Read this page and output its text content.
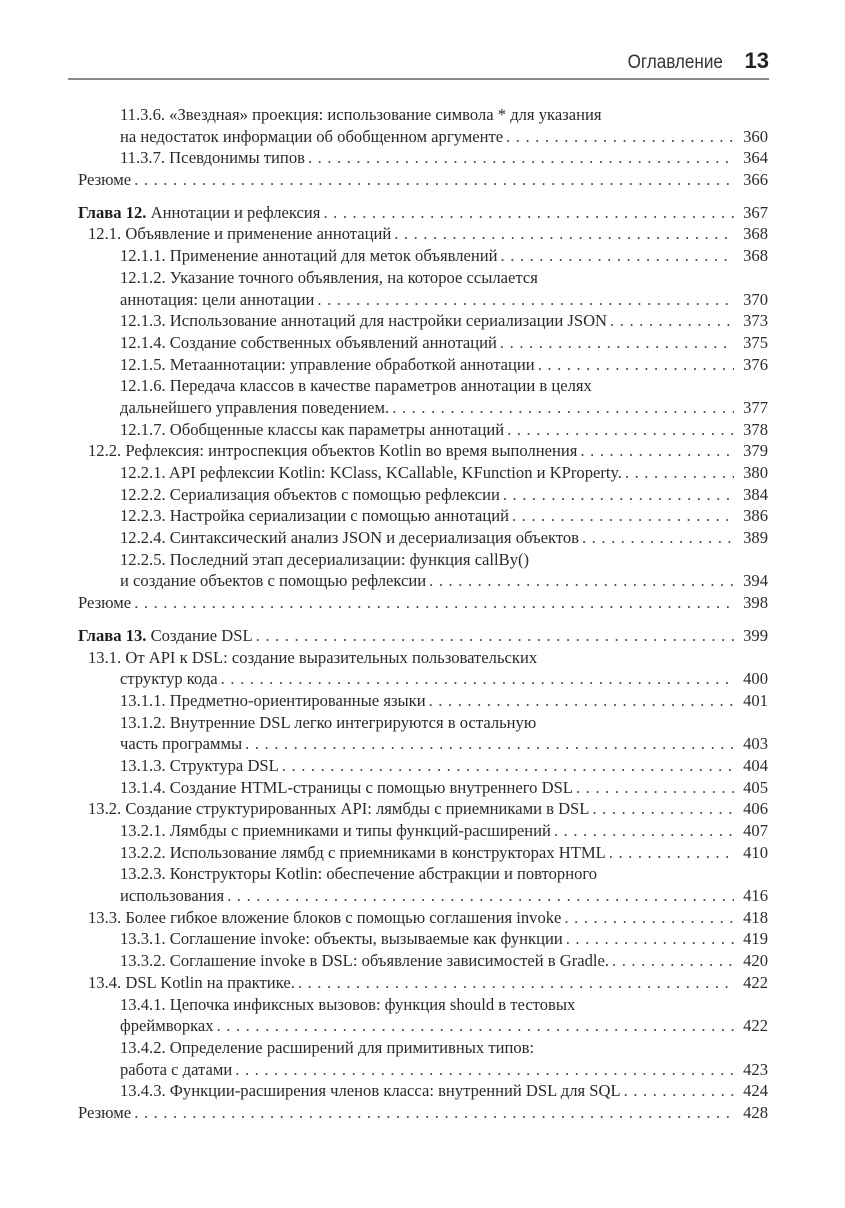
Оглавление 13
11.3.6. «Звездная» проекция: использование символа * для указания
на недостаток информации об обобщенном аргументе . . .	360
11.3.7. Псевдонимы типов . . .	364
Резюме . . .	366
Глава 12. Аннотации и рефлексия . . .	367
12.1. Объявление и применение аннотаций . . .	368
12.1.1. Применение аннотаций для меток объявлений . . .	368
12.1.2. Указание точного объявления, на которое ссылается
аннотация: цели аннотации . . .	370
12.1.3. Использование аннотаций для настройки сериализации JSON . . .	373
12.1.4. Создание собственных объявлений аннотаций . . .	375
12.1.5. Метааннотации: управление обработкой аннотации . . .	376
12.1.6. Передача классов в качестве параметров аннотации в целях
дальнейшего управления поведением. . . .	377
12.1.7. Обобщенные классы как параметры аннотаций . . .	378
12.2. Рефлексия: интроспекция объектов Kotlin во время выполнения . . .	379
12.2.1. API рефлексии Kotlin: KClass, KCallable, KFunction и KProperty. . . .	380
12.2.2. Сериализация объектов с помощью рефлексии . . .	384
12.2.3. Настройка сериализации с помощью аннотаций . . .	386
12.2.4. Синтаксический анализ JSON и десериализация объектов . . .	389
12.2.5. Последний этап десериализации: функция callBy()
и создание объектов с помощью рефлексии . . .	394
Резюме . . .	398
Глава 13. Создание DSL . . .	399
13.1. От API к DSL: создание выразительных пользовательских
структур кода . . .	400
13.1.1. Предметно-ориентированные языки . . .	401
13.1.2. Внутренние DSL легко интегрируются в остальную
часть программы . . .	403
13.1.3. Структура DSL . . .	404
13.1.4. Создание HTML-страницы с помощью внутреннего DSL . . .	405
13.2. Создание структурированных API: лямбды с приемниками в DSL . . .	406
13.2.1. Лямбды с приемниками и типы функций-расширений . . .	407
13.2.2. Использование лямбд с приемниками в конструкторах HTML . . .	410
13.2.3. Конструкторы Kotlin: обеспечение абстракции и повторного
использования . . .	416
13.3. Более гибкое вложение блоков с помощью соглашения invoke . . .	418
13.3.1. Соглашение invoke: объекты, вызываемые как функции . . .	419
13.3.2. Соглашение invoke в DSL: объявление зависимостей в Gradle. . . .	420
13.4. DSL Kotlin на практике. . . .	422
13.4.1. Цепочка инфиксных вызовов: функция should в тестовых
фреймворках . . .	422
13.4.2. Определение расширений для примитивных типов:
работа с датами . . .	423
13.4.3. Функции-расширения членов класса: внутренний DSL для SQL . . .	424
Резюме . . .	428
